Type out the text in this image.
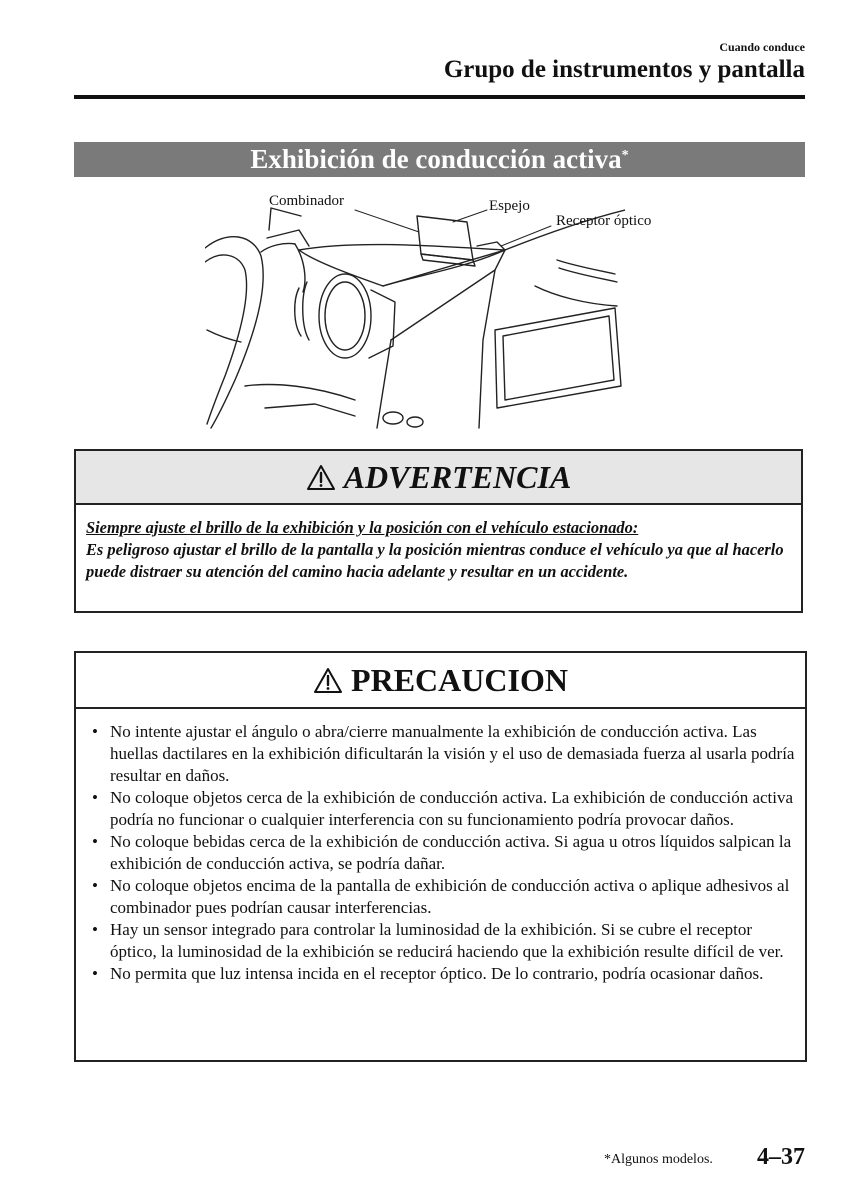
Cuando conduce
Grupo de instrumentos y pantalla
Exhibición de conducción activa*
Combinador	Espejo
Receptor óptico
ADVERTENCIA
Siempre ajuste el brillo de la exhibición y la posición con el vehículo estacionado:
Es peligroso ajustar el brillo de la pantalla y la posición mientras conduce el vehículo ya que al hacerlo puede distraer su atención del camino hacia adelante y resultar en un accidente.
PRECAUCION
• No intente ajustar el ángulo o abra/cierre manualmente la exhibición de conducción activa. Las huellas dactilares en la exhibición dificultarán la visión y el uso de demasiada fuerza al usarla podría resultar en daños.
• No coloque objetos cerca de la exhibición de conducción activa. La exhibición de conducción activa podría no funcionar o cualquier interferencia con su funcionamiento podría provocar daños.
• No coloque bebidas cerca de la exhibición de conducción activa. Si agua u otros líquidos salpican la exhibición de conducción activa, se podría dañar.
• No coloque objetos encima de la pantalla de exhibición de conducción activa o aplique adhesivos al combinador pues podrían causar interferencias.
• Hay un sensor integrado para controlar la luminosidad de la exhibición. Si se cubre el receptor óptico, la luminosidad de la exhibición se reducirá haciendo que la exhibición resulte difícil de ver.
• No permita que luz intensa incida en el receptor óptico. De lo contrario, podría ocasionar daños.
*Algunos modelos. 4–37
